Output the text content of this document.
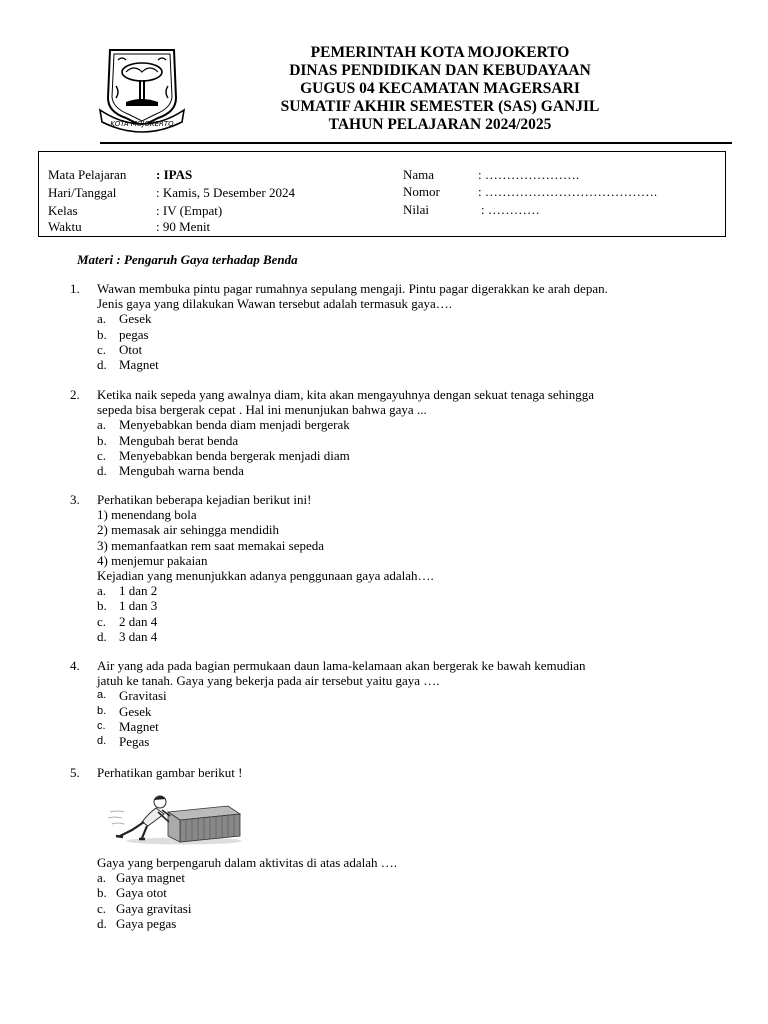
KOTA MOJOKERTO
PEMERINTAH KOTA MOJOKERTO
DINAS PENDIDIKAN DAN KEBUDAYAAN
GUGUS 04 KECAMATAN MAGERSARI
SUMATIF AKHIR SEMESTER (SAS) GANJIL
TAHUN PELAJARAN 2024/2025
Mata Pelajaran : IPAS
Hari/Tanggal	: Kamis, 5 Desember 2024
Kelas	: IV (Empat)
Waktu	: 90 Menit
Nama	: ………………….
Nomor	: ………………………………….
Nilai	: …………
Materi : Pengaruh Gaya terhadap Benda
1. Wawan membuka pintu pagar rumahnya sepulang mengaji. Pintu pagar digerakkan ke arah depan.
Jenis gaya yang dilakukan Wawan tersebut adalah termasuk gaya….
a. Gesek
b. pegas
c. Otot
d. Magnet
2. Ketika naik sepeda yang awalnya diam, kita akan mengayuhnya dengan sekuat tenaga sehingga
sepeda bisa bergerak cepat . Hal ini menunjukan bahwa gaya ...
a. Menyebabkan benda diam menjadi bergerak
b. Mengubah berat benda
c. Menyebabkan benda bergerak menjadi diam
d. Mengubah warna benda
3. Perhatikan beberapa kejadian berikut ini!
1) menendang bola
2) memasak air sehingga mendidih
3) memanfaatkan rem saat memakai sepeda
4) menjemur pakaian
Kejadian yang menunjukkan adanya penggunaan gaya adalah….
a. 1 dan 2
b. 1 dan 3
c. 2 dan 4
d. 3 dan 4
4. Air yang ada pada bagian permukaan daun lama-kelamaan akan bergerak ke bawah kemudian
jatuh ke tanah. Gaya yang bekerja pada air tersebut yaitu gaya ….
a. Gravitasi
b. Gesek
c. Magnet
d. Pegas
5. Perhatikan gambar berikut !
Gaya yang berpengaruh dalam aktivitas di atas adalah ….
a. Gaya magnet
b. Gaya otot
c. Gaya gravitasi
d. Gaya pegas
